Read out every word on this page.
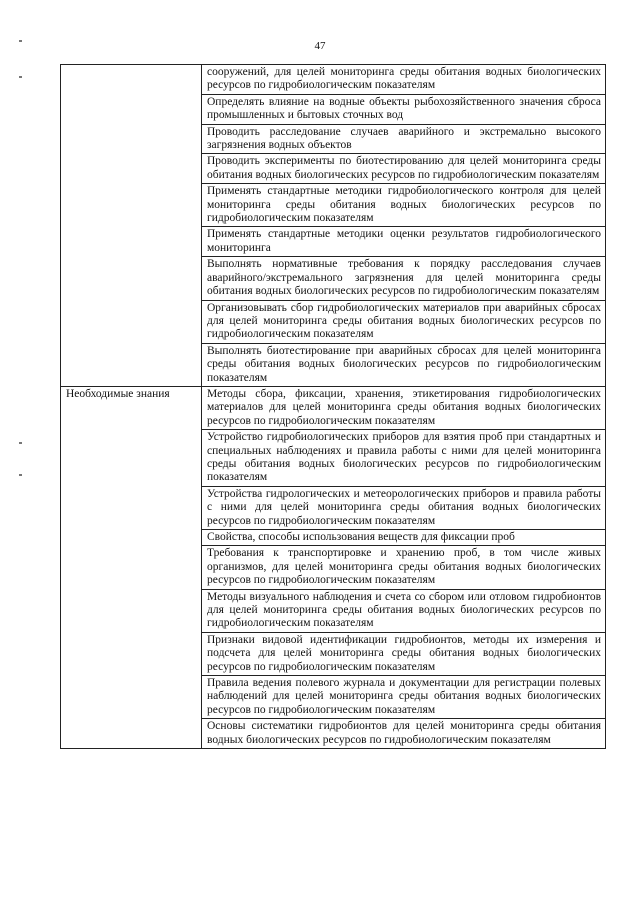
47
	сооружений, для целей мониторинга среды обитания водных биологических ресурсов по гидробиологическим показателям
	Определять влияние на водные объекты рыбохозяйственного значения сброса промышленных и бытовых сточных вод
	Проводить расследование случаев аварийного и экстремально высокого загрязнения водных объектов
	Проводить эксперименты по биотестированию для целей мониторинга среды обитания водных биологических ресурсов по гидробиологическим показателям
	Применять стандартные методики гидробиологического контроля для целей мониторинга среды обитания водных биологических ресурсов по гидробиологическим показателям
	Применять стандартные методики оценки результатов гидробиологического мониторинга
	Выполнять нормативные требования к порядку расследования случаев аварийного/экстремального загрязнения для целей мониторинга среды обитания водных биологических ресурсов по гидробиологическим показателям
	Организовывать сбор гидробиологических материалов при аварийных сбросах для целей мониторинга среды обитания водных биологических ресурсов по гидробиологическим показателям
	Выполнять биотестирование при аварийных сбросах для целей мониторинга среды обитания водных биологических ресурсов по гидробиологическим показателям
Необходимые знания	Методы сбора, фиксации, хранения, этикетирования гидробиологических материалов для целей мониторинга среды обитания водных биологических ресурсов по гидробиологическим показателям
	Устройство гидробиологических приборов для взятия проб при стандартных и специальных наблюдениях и правила работы с ними для целей мониторинга среды обитания водных биологических ресурсов по гидробиологическим показателям
	Устройства гидрологических и метеорологических приборов и правила работы с ними для целей мониторинга среды обитания водных биологических ресурсов по гидробиологическим показателям
	Свойства, способы использования веществ для фиксации проб
	Требования к транспортировке и хранению проб, в том числе живых организмов, для целей мониторинга среды обитания водных биологических ресурсов по гидробиологическим показателям
	Методы визуального наблюдения и счета со сбором или отловом гидробионтов для целей мониторинга среды обитания водных биологических ресурсов по гидробиологическим показателям
	Признаки видовой идентификации гидробионтов, методы их измерения и подсчета для целей мониторинга среды обитания водных биологических ресурсов по гидробиологическим показателям
	Правила ведения полевого журнала и документации для регистрации полевых наблюдений для целей мониторинга среды обитания водных биологических ресурсов по гидробиологическим показателям
	Основы систематики гидробионтов для целей мониторинга среды обитания водных биологических ресурсов по гидробиологическим показателям
